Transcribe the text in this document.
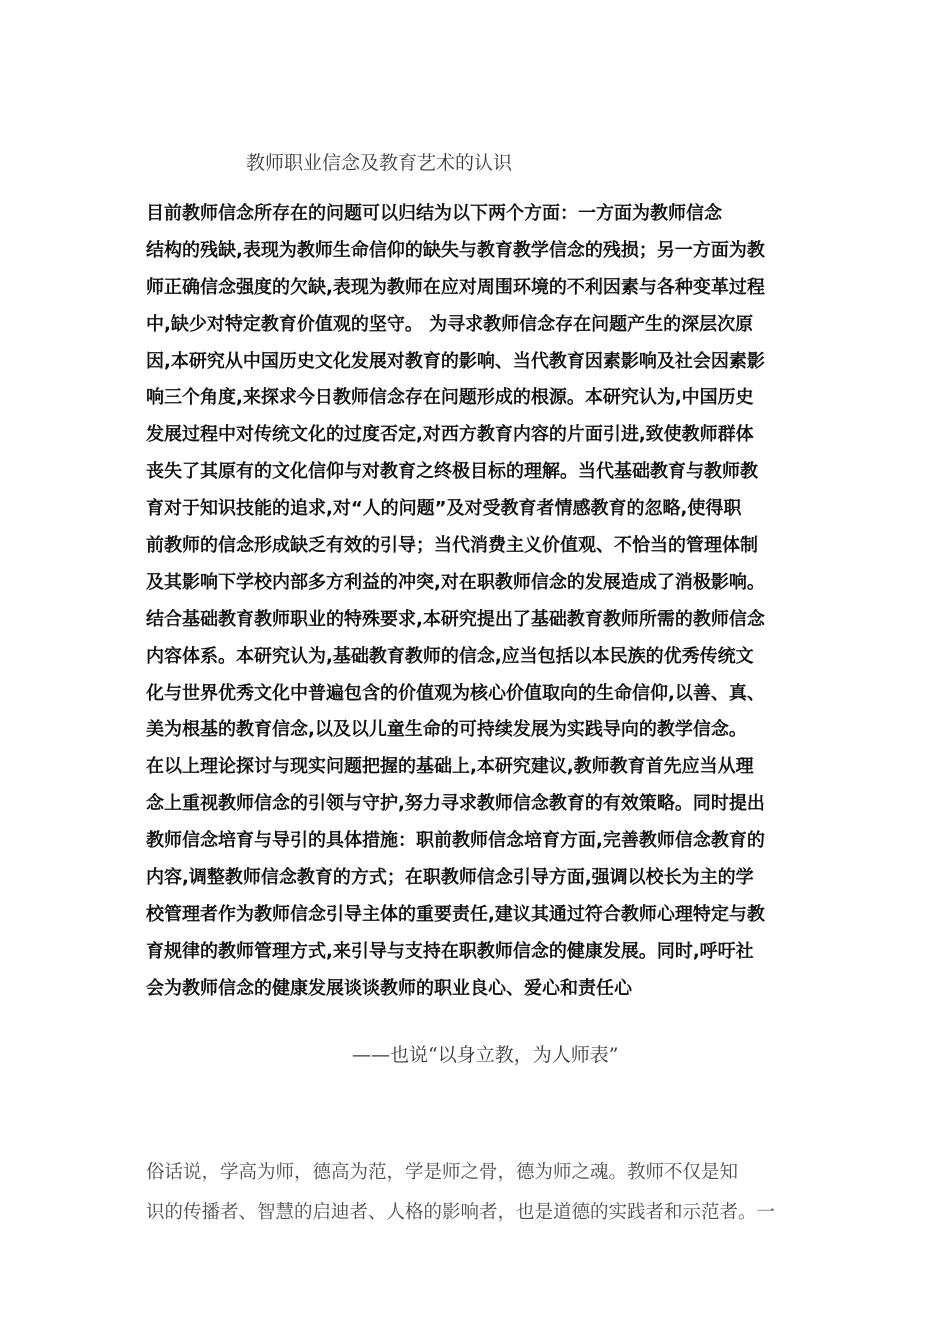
教师职业信念及教育艺术的认识
目前教师信念所存在的问题可以归结为以下两个方面：一方面为教师信念
结构的残缺,表现为教师生命信仰的缺失与教育教学信念的残损；另一方面为教
师正确信念强度的欠缺,表现为教师在应对周围环境的不利因素与各种变革过程
中,缺少对特定教育价值观的坚守。 为寻求教师信念存在问题产生的深层次原
因,本研究从中国历史文化发展对教育的影响、当代教育因素影响及社会因素影
响三个角度,来探求今日教师信念存在问题形成的根源。本研究认为,中国历史
发展过程中对传统文化的过度否定,对西方教育内容的片面引进,致使教师群体
丧失了其原有的文化信仰与对教育之终极目标的理解。当代基础教育与教师教
育对于知识技能的追求,对“人的问题”及对受教育者情感教育的忽略,使得职
前教师的信念形成缺乏有效的引导；当代消费主义价值观、不恰当的管理体制
及其影响下学校内部多方利益的冲突,对在职教师信念的发展造成了消极影响。
结合基础教育教师职业的特殊要求,本研究提出了基础教育教师所需的教师信念
内容体系。本研究认为,基础教育教师的信念,应当包括以本民族的优秀传统文
化与世界优秀文化中普遍包含的价值观为核心价值取向的生命信仰,以善、真、
美为根基的教育信念,以及以儿童生命的可持续发展为实践导向的教学信念。
在以上理论探讨与现实问题把握的基础上,本研究建议,教师教育首先应当从理
念上重视教师信念的引领与守护,努力寻求教师信念教育的有效策略。同时提出
教师信念培育与导引的具体措施：职前教师信念培育方面,完善教师信念教育的
内容,调整教师信念教育的方式；在职教师信念引导方面,强调以校长为主的学
校管理者作为教师信念引导主体的重要责任,建议其通过符合教师心理特定与教
育规律的教师管理方式,来引导与支持在职教师信念的健康发展。同时,呼吁社
会为教师信念的健康发展谈谈教师的职业良心、爱心和责任心
——也说“以身立教，为人师表”
俗话说，学高为师，德高为范，学是师之骨，德为师之魂。教师不仅是知
识的传播者、智慧的启迪者、人格的影响者，也是道德的实践者和示范者。一
